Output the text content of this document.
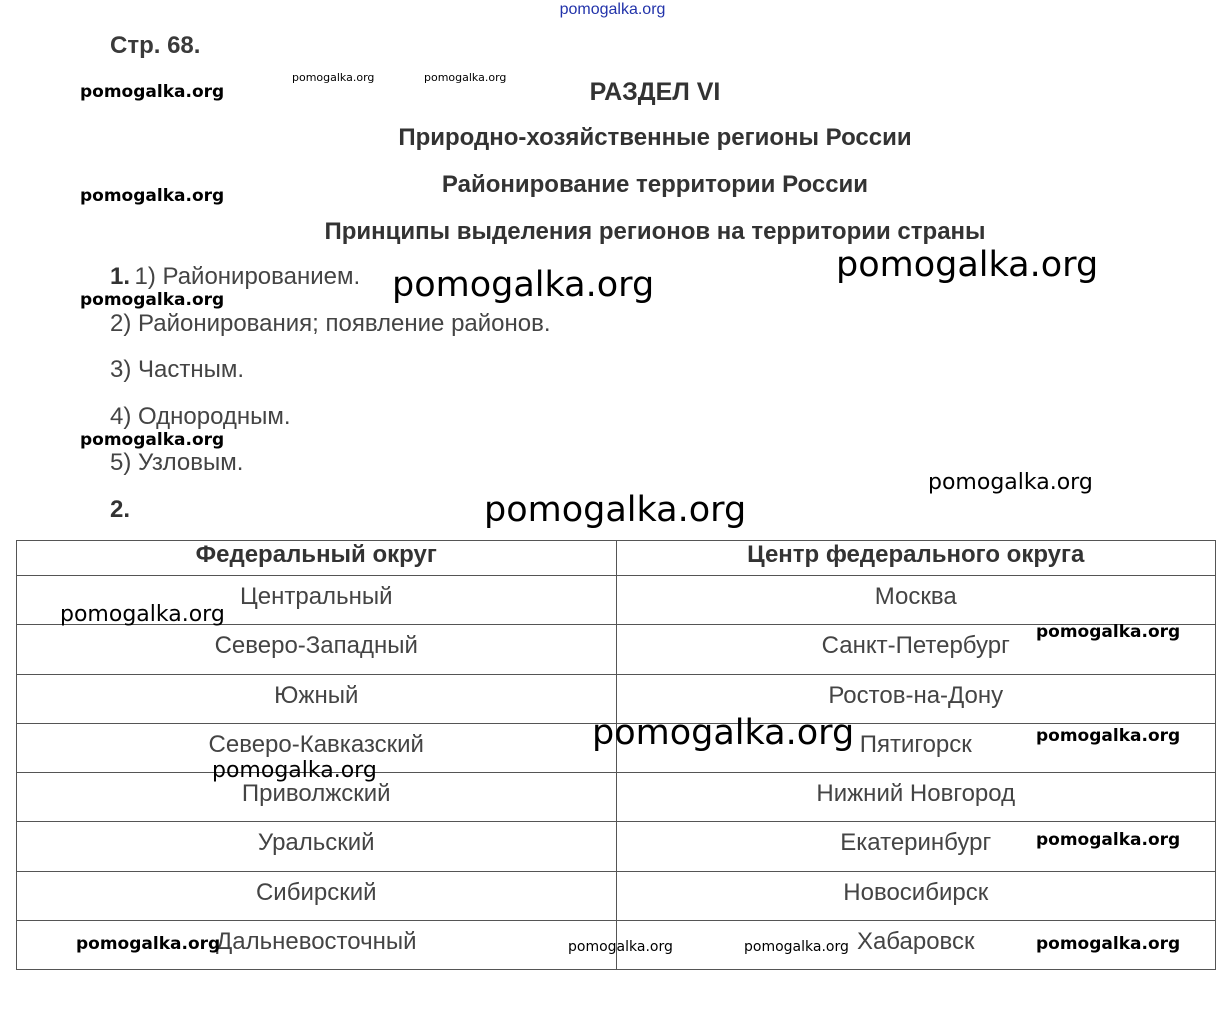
pomogalka.org
Стр. 68.
РАЗДЕЛ VI
Природно-хозяйственные регионы России
Районирование территории России
Принципы выделения регионов на территории страны
1. 1) Районированием.
2) Районирования; появление районов.
3) Частным.
4) Однородным.
5) Узловым.
2.
Федеральный округ	Центр федерального округа
Центральный	Москва
Северо-Западный	Санкт-Петербург
Южный	Ростов-на-Дону
Северо-Кавказский	Пятигорск
Приволжский	Нижний Новгород
Уральский	Екатеринбург
Сибирский	Новосибирск
Дальневосточный	Хабаровск
pomogalka.org	pomogalka.org
pomogalka.org
pomogalka.org
pomogalka.org
pomogalka.org
pomogalka.org
pomogalka.org
pomogalka.org
pomogalka.org
pomogalka.org
pomogalka.org
pomogalka.org	pomogalka.org
pomogalka.org
pomogalka.org
pomogalka.org	pomogalka.org	pomogalka.org	pomogalka.org
